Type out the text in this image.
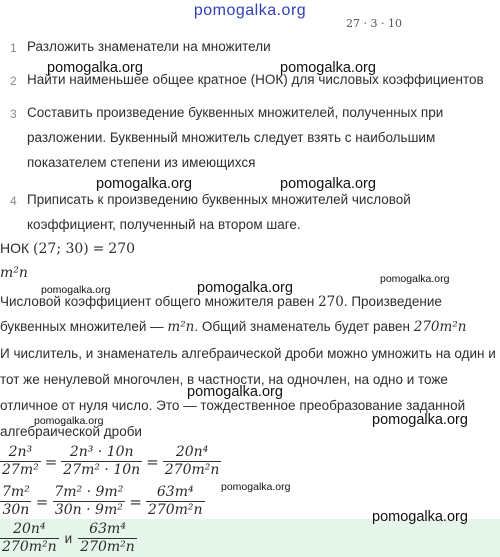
pomogalka.org
27 · 3 · 10
1 Разложить знаменатели на множители
2 Найти наименьшее общее кратное (НОК) для числовых коэффициентов
3 Составить произведение буквенных множителей, полученных при
разложении. Буквенный множитель следует взять с наибольшим
показателем степени из имеющихся
4 Приписать к произведению буквенных множителей числовой
коэффициент, полученный на втором шаге.
НОК (27; 30) = 270
m²n
Числовой коэффициент общего множителя равен 270. Произведение
буквенных множителей — m²n. Общий знаменатель будет равен 270m²n
И числитель, и знаменатель алгебраической дроби можно умножить на один и
тот же ненулевой многочлен, в частности, на одночлен, на одно и тоже
отличное от нуля число. Это — тождественное преобразование заданной
алгебраической дроби
$\frac{\text{2n³}}{\text{27m²}} = \frac{\text{2n³ · 10n}}{\text{27m² · 10n}} = \frac{\text{20n⁴}}{\text{270m²n}}$
$\frac{\text{7m²}}{30n} = \frac{\text{7m² · 9m²}}{\text{30n · 9m²}} = \frac{\text{63m⁴}}{\text{270m²n}}$
$\frac{\text{20n⁴}}{\text{270m²n}}$ и $\frac{\text{63m⁴}}{\text{270m²n}}$
pomogalka.org	pomogalka.org
pomogalka.org	pomogalka.org
pomogalka.org	pomogalka.org
pomogalka.org
pomogalka.org
pomogalka.org	pomogalka.org
pomogalka.org
pomogalka.org
